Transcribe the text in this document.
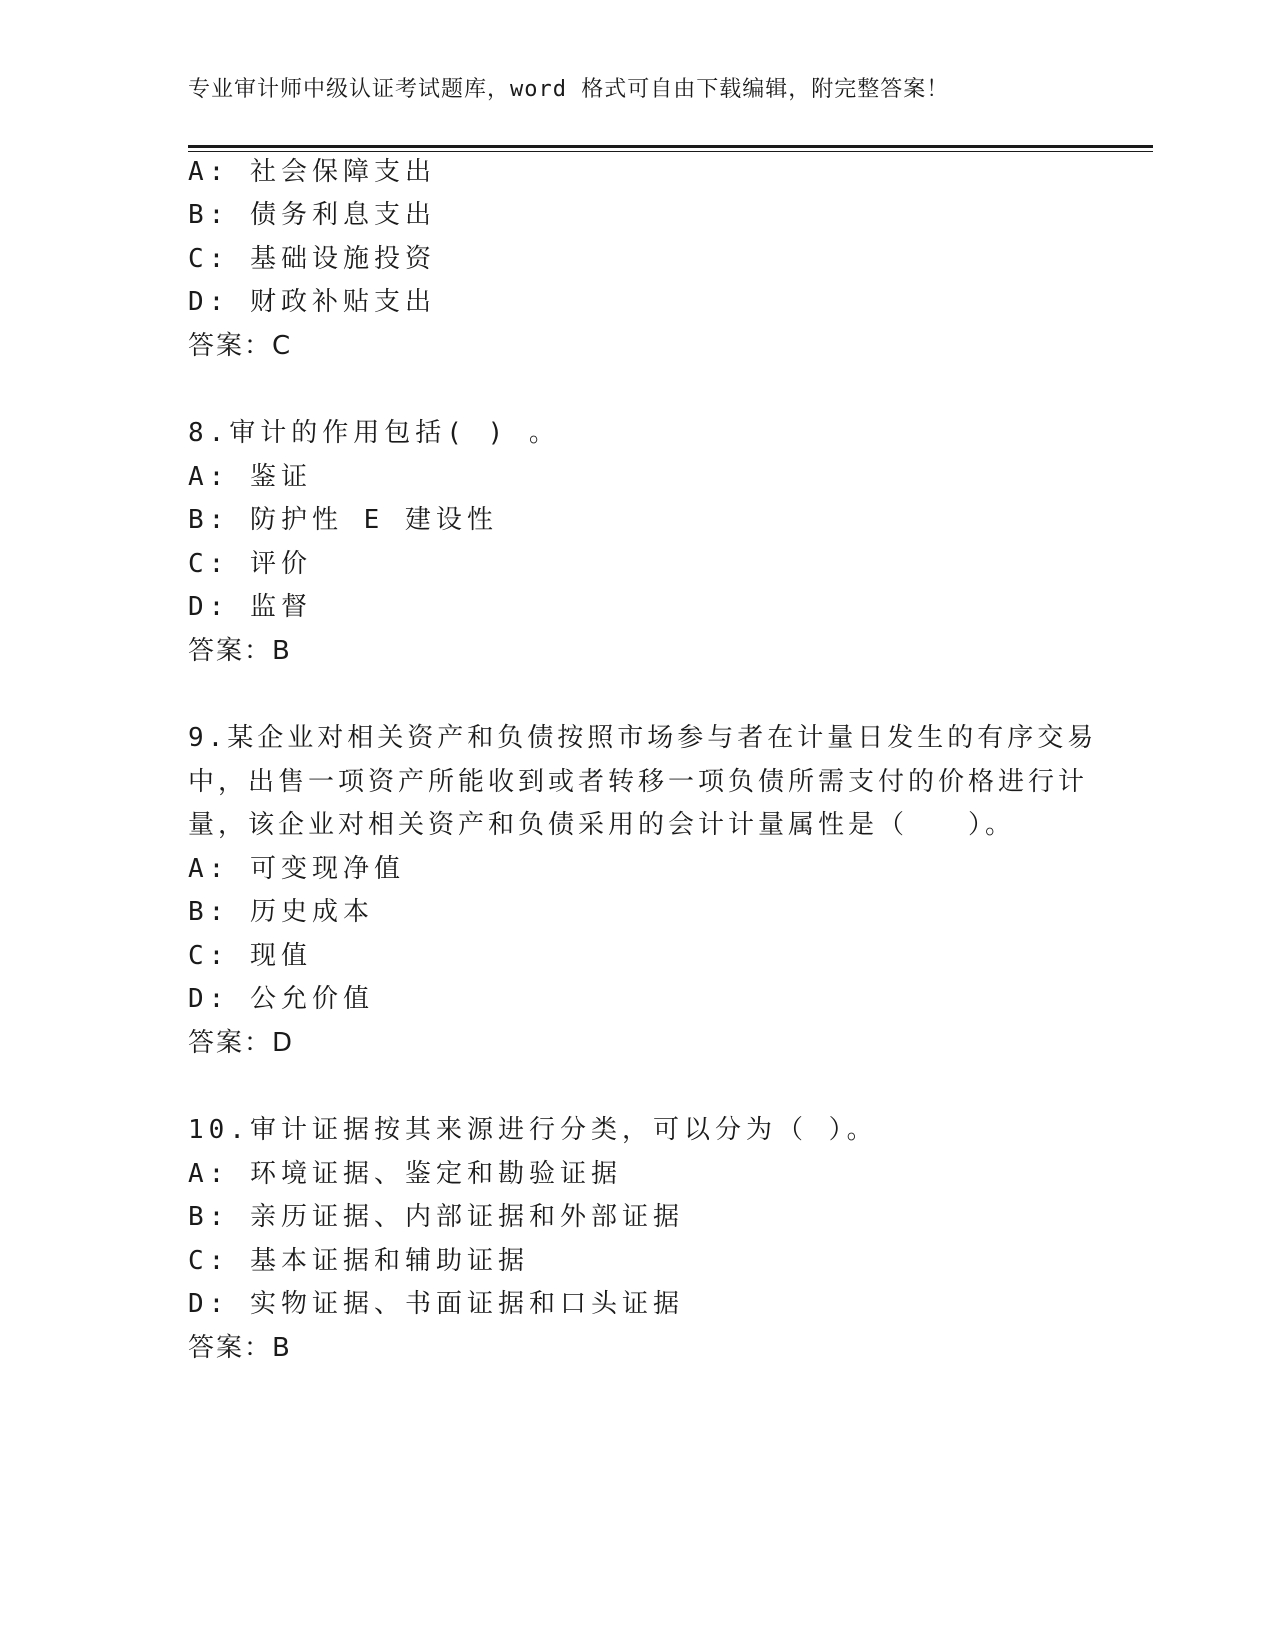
专业审计师中级认证考试题库，word 格式可自由下载编辑，附完整答案！
A: 社会保障支出
B: 债务利息支出
C: 基础设施投资
D: 财政补贴支出
答案：C
8.审计的作用包括( ) 。
A: 鉴证
B: 防护性 E 建设性
C: 评价
D: 监督
答案：B
9.某企业对相关资产和负债按照市场参与者在计量日发生的有序交易
中，出售一项资产所能收到或者转移一项负债所需支付的价格进行计
量，该企业对相关资产和负债采用的会计计量属性是（　　）。
A: 可变现净值
B: 历史成本
C: 现值
D: 公允价值
答案：D
10.审计证据按其来源进行分类，可以分为（ ）。
A: 环境证据、鉴定和勘验证据
B: 亲历证据、内部证据和外部证据
C: 基本证据和辅助证据
D: 实物证据、书面证据和口头证据
答案：B
